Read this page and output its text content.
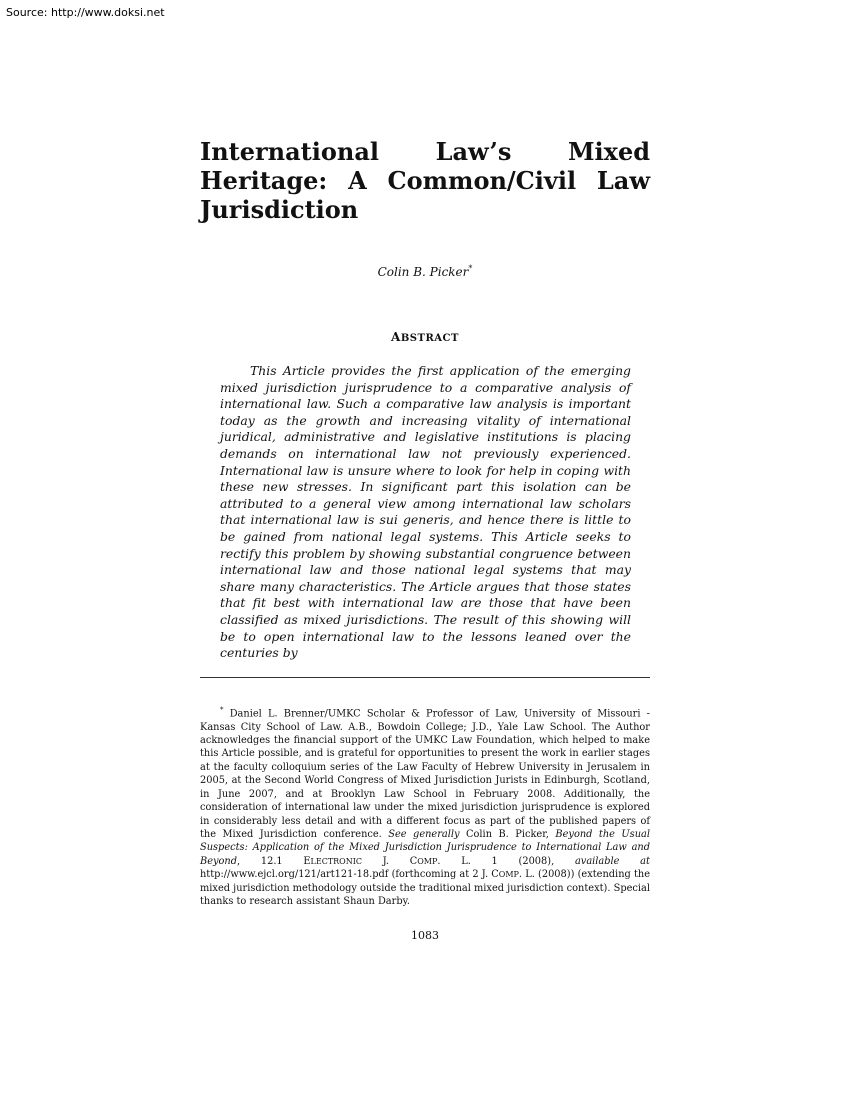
Source: http://www.doksi.net
International Law’s Mixed Heritage: A Common/Civil Law Jurisdiction
Colin B. Picker*
ABSTRACT

This Article provides the first application of the emerging mixed jurisdiction jurisprudence to a comparative analysis of international law. Such a comparative law analysis is important today as the growth and increasing vitality of international juridical, administrative and legislative institutions is placing demands on international law not previously experienced. International law is unsure where to look for help in coping with these new stresses. In significant part this isolation can be attributed to a general view among international law scholars that international law is sui generis, and hence there is little to be gained from national legal systems. This Article seeks to rectify this problem by showing substantial congruence between international law and those national legal systems that may share many characteristics. The Article argues that those states that fit best with international law are those that have been classified as mixed jurisdictions. The result of this showing will be to open international law to the lessons leaned over the centuries by

* Daniel L. Brenner/UMKC Scholar & Professor of Law, University of Missouri - Kansas City School of Law. A.B., Bowdoin College; J.D., Yale Law School. The Author acknowledges the financial support of the UMKC Law Foundation, which helped to make this Article possible, and is grateful for opportunities to present the work in earlier stages at the faculty colloquium series of the Law Faculty of Hebrew University in Jerusalem in 2005, at the Second World Congress of Mixed Jurisdiction Jurists in Edinburgh, Scotland, in June 2007, and at Brooklyn Law School in February 2008. Additionally, the consideration of international law under the mixed jurisdiction jurisprudence is explored in considerably less detail and with a different focus as part of the published papers of the Mixed Jurisdiction conference. See generally Colin B. Picker, Beyond the Usual Suspects: Application of the Mixed Jurisdiction Jurisprudence to International Law and Beyond, 12.1 ELECTRONIC J. COMP. L. 1 (2008), available at http://www.ejcl.org/121/art121-18.pdf (forthcoming at 2 J. COMP. L. (2008)) (extending the mixed jurisdiction methodology outside the traditional mixed jurisdiction context). Special thanks to research assistant Shaun Darby.

1083
